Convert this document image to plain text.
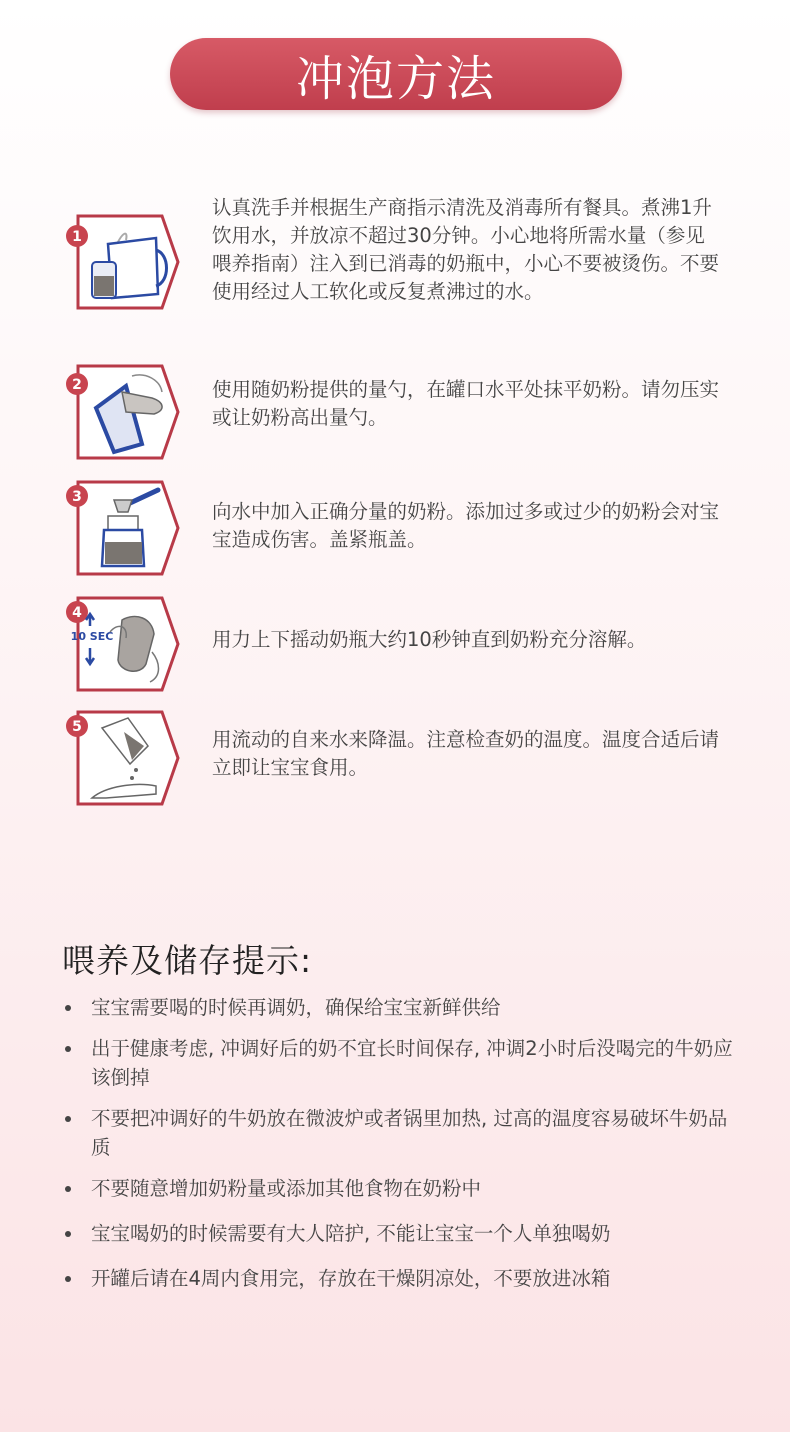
冲泡方法
1
认真洗手并根据生产商指示清洗及消毒所有餐具。煮沸1升饮用水，并放凉不超过30分钟。小心地将所需水量（参见喂养指南）注入到已消毒的奶瓶中，小心不要被烫伤。不要使用经过人工软化或反复煮沸过的水。
2	使用随奶粉提供的量勺，在罐口水平处抹平奶粉。请勿压实或让奶粉高出量勺。
3
向水中加入正确分量的奶粉。添加过多或过少的奶粉会对宝宝造成伤害。盖紧瓶盖。
4
10 SEC	用力上下摇动奶瓶大约10秒钟直到奶粉充分溶解。
5
用流动的自来水来降温。注意检查奶的温度。温度合适后请立即让宝宝食用。
喂养及储存提示:
宝宝需要喝的时候再调奶，确保给宝宝新鲜供给
出于健康考虑, 冲调好后的奶不宜长时间保存, 冲调2小时后没喝完的牛奶应该倒掉
不要把冲调好的牛奶放在微波炉或者锅里加热, 过高的温度容易破坏牛奶品质
不要随意增加奶粉量或添加其他食物在奶粉中
宝宝喝奶的时候需要有大人陪护, 不能让宝宝一个人单独喝奶
开罐后请在4周内食用完，存放在干燥阴凉处，不要放进冰箱
